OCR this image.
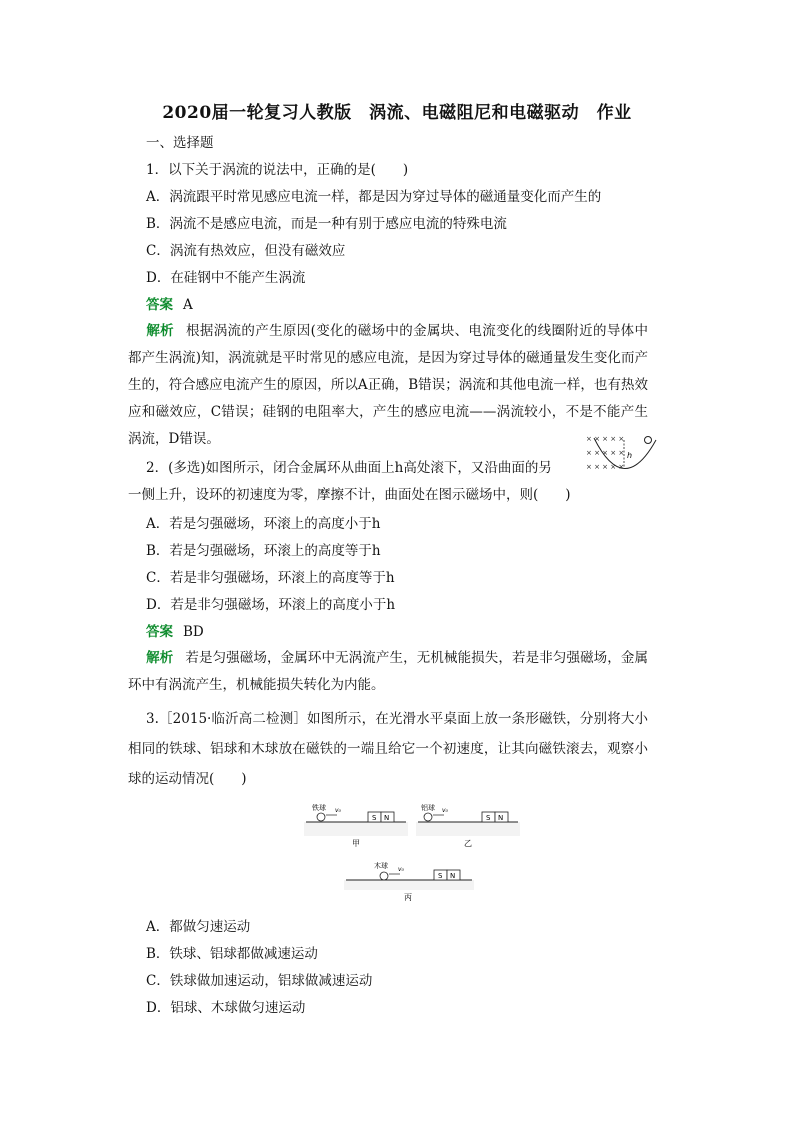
2020届一轮复习人教版　涡流、电磁阻尼和电磁驱动　作业
一、选择题
1．以下关于涡流的说法中，正确的是(　　)
A．涡流跟平时常见感应电流一样，都是因为穿过导体的磁通量变化而产生的
B．涡流不是感应电流，而是一种有别于感应电流的特殊电流
C．涡流有热效应，但没有磁效应
D．在硅钢中不能产生涡流
答案 A
解析 根据涡流的产生原因(变化的磁场中的金属块、电流变化的线圈附近的导体中都产生涡流)知，涡流就是平时常见的感应电流，是因为穿过导体的磁通量发生变化而产生的，符合感应电流产生的原因，所以A正确，B错误；涡流和其他电流一样，也有热效应和磁效应，C错误；硅钢的电阻率大，产生的感应电流——涡流较小，不是不能产生涡流，D错误。
2．(多选)如图所示，闭合金属环从曲面上h高处滚下，又沿曲面的另
一侧上升，设环的初速度为零，摩擦不计，曲面处在图示磁场中，则(　　)
× × × × ×
× × × × ×
× × × × ×
h
A．若是匀强磁场，环滚上的高度小于h
B．若是匀强磁场，环滚上的高度等于h
C．若是非匀强磁场，环滚上的高度等于h
D．若是非匀强磁场，环滚上的高度小于h
答案 BD
解析 若是匀强磁场，金属环中无涡流产生，无机械能损失，若是非匀强磁场，金属环中有涡流产生，机械能损失转化为内能。
3.［2015·临沂高二检测］如图所示，在光滑水平桌面上放一条形磁铁，分别将大小相同的铁球、铝球和木球放在磁铁的一端且给它一个初速度，让其向磁铁滚去，观察小球的运动情况(　　)
铁球 v₀
S N
甲
铝球 v₀
S N
乙
木球 v₀
S N
丙
A．都做匀速运动
B．铁球、铝球都做减速运动
C．铁球做加速运动，铝球做减速运动
D．铝球、木球做匀速运动
